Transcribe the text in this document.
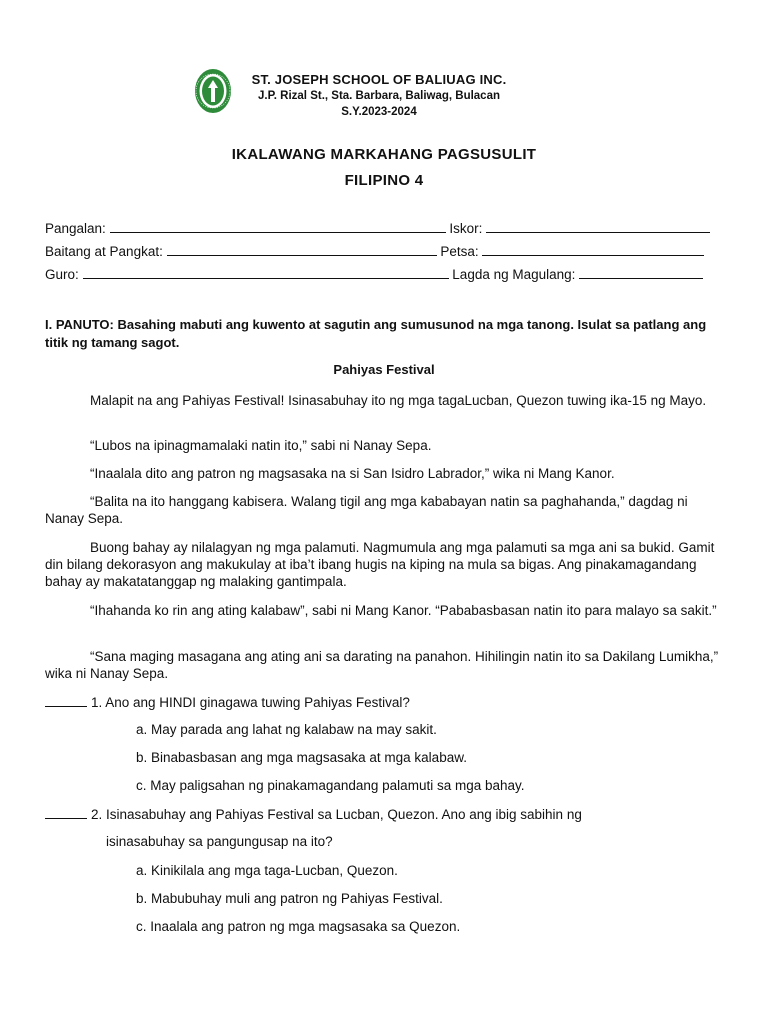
ST. JOSEPH SCHOOL OF BALIUAG INC.
J.P. Rizal St., Sta. Barbara, Baliwag, Bulacan
S.Y.2023-2024
IKALAWANG MARKAHANG PAGSUSULIT
FILIPINO 4
Pangalan:	Iskor:
Baitang at Pangkat:	Petsa:
Guro:	Lagda ng Magulang:
I. PANUTO: Basahing mabuti ang kuwento at sagutin ang sumusunod na mga tanong. Isulat sa patlang ang titik ng tamang sagot.
Pahiyas Festival
Malapit na ang Pahiyas Festival! Isinasabuhay ito ng mga tagaLucban, Quezon tuwing ika-15 ng Mayo.
“Lubos na ipinagmamalaki natin ito,” sabi ni Nanay Sepa.
“Inaalala dito ang patron ng magsasaka na si San Isidro Labrador,” wika ni Mang Kanor.
“Balita na ito hanggang kabisera. Walang tigil ang mga kababayan natin sa paghahanda,” dagdag ni Nanay Sepa.
Buong bahay ay nilalagyan ng mga palamuti. Nagmumula ang mga palamuti sa mga ani sa bukid. Gamit din bilang dekorasyon ang makukulay at iba’t ibang hugis na kiping na mula sa bigas. Ang pinakamagandang bahay ay makatatanggap ng malaking gantimpala.
“Ihahanda ko rin ang ating kalabaw”, sabi ni Mang Kanor. “Pababasbasan natin ito para malayo sa sakit.”
“Sana maging masagana ang ating ani sa darating na panahon. Hihilingin natin ito sa Dakilang Lumikha,” wika ni Nanay Sepa.
1. Ano ang HINDI ginagawa tuwing Pahiyas Festival?
a. May parada ang lahat ng kalabaw na may sakit.
b. Binabasbasan ang mga magsasaka at mga kalabaw.
c. May paligsahan ng pinakamagandang palamuti sa mga bahay.
2. Isinasabuhay ang Pahiyas Festival sa Lucban, Quezon. Ano ang ibig sabihin ng
isinasabuhay sa pangungusap na ito?
a. Kinikilala ang mga taga-Lucban, Quezon.
b. Mabubuhay muli ang patron ng Pahiyas Festival.
c. Inaalala ang patron ng mga magsasaka sa Quezon.
